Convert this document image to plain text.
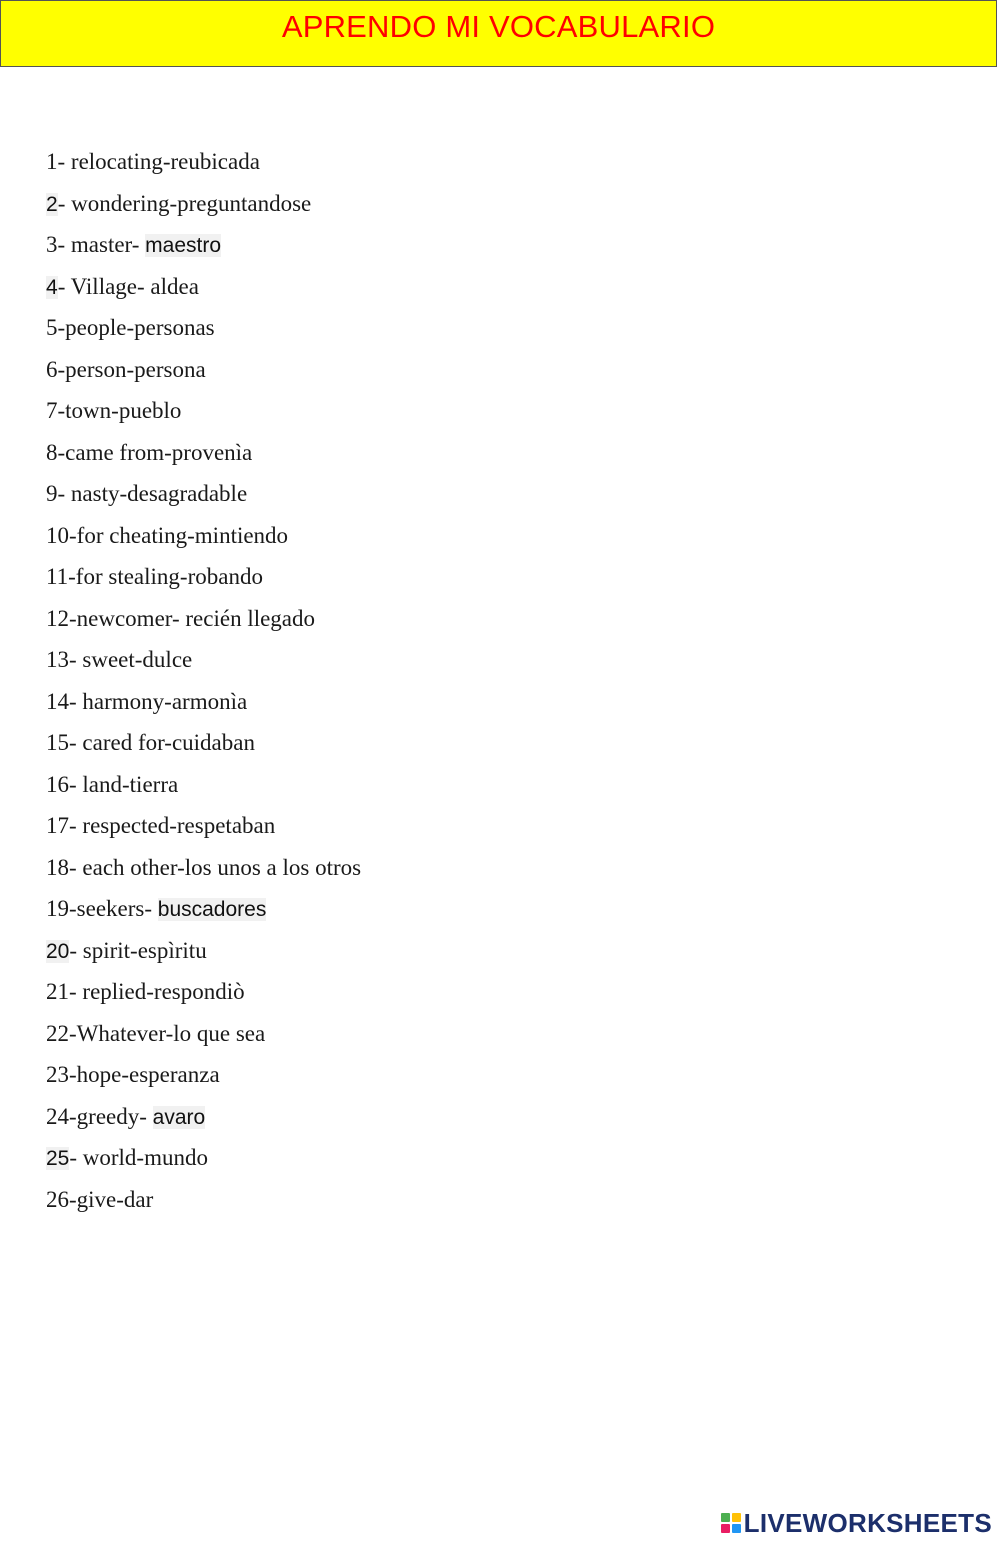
APRENDO MI VOCABULARIO
1- relocating-reubicada
2- wondering-preguntandose
3- master- maestro
4- Village- aldea
5-people-personas
6-person-persona
7-town-pueblo
8-came from-provenìa
9- nasty-desagradable
10-for cheating-mintiendo
11-for stealing-robando
12-newcomer- recién llegado
13- sweet-dulce
14- harmony-armonìa
15- cared for-cuidaban
16- land-tierra
17- respected-respetaban
18- each other-los unos a los otros
19-seekers- buscadores
20- spirit-espìritu
21- replied-respondiò
22-Whatever-lo que sea
23-hope-esperanza
24-greedy- avaro
25- world-mundo
26-give-dar
LIVEWORKSHEETS
